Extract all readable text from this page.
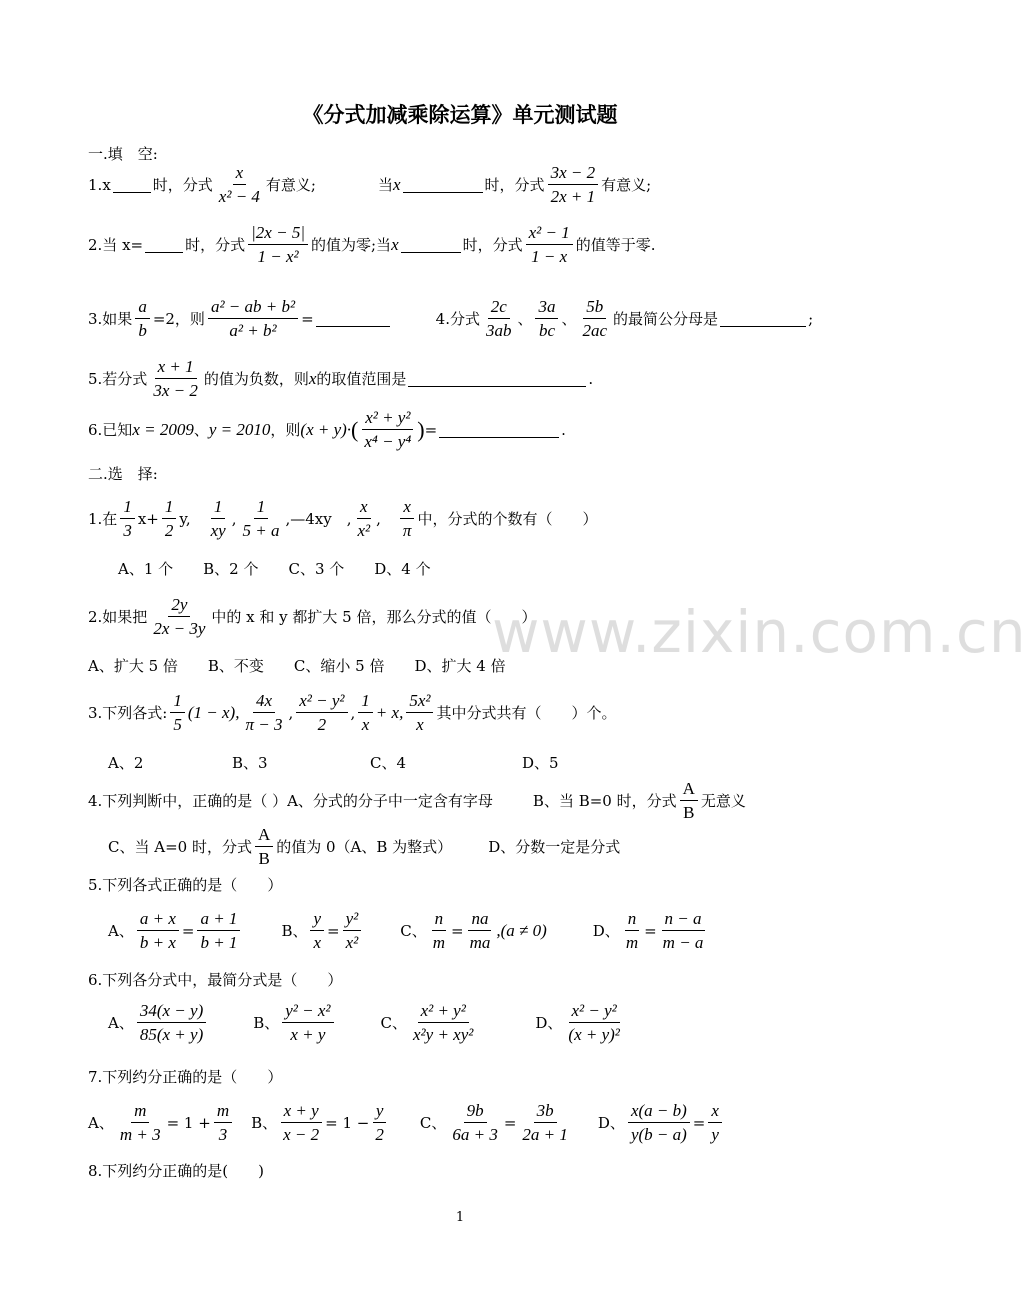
《分式加减乘除运算》单元测试题
一.填　空:
1. x	时，分式 $\frac{x}{\text{x² − 4}}$ 有意义;	当 x	时，分式 $\frac{3x - 2}{2x + 1}$ 有意义;
2.当 x=	时，分式 $\frac{|2x - 5|}{\text{1 − x²}}$ 的值为零;当 x	时，分式 $\frac{\text{x² − 1}}{1 - x}$ 的值等于零.
3.如果 $\frac{a}{b} =2$，则 $\frac{\text{a² − ab + b²}}{\text{a² + b²}}$ =	4.分式 $\frac{2c}{3ab}$ 、 $\frac{3a}{bc}$ 、 $\frac{5b}{2ac}$ 的最简公分母是	;
5.若分式 $\frac{x + 1}{3x - 2}$ 的值为负数，则 x 的取值范围是	.
6.已知 x = 2009 、 y = 2010 ，则 (x + y)· ( $\frac{\text{x² + y²}}{\text{x⁴ − y⁴}}$ ) =	.
二.选　择:
1.在 $\frac{1}{3} x+ \frac{1}{2} y$, $\frac{1}{xy}$ , $\frac{1}{5 + a}$ ,—4xy　, $\frac{x}{\text{x²}}$ , $\frac{x}{\pi}$ 中，分式的个数有（　　）
A、1 个　　B、2 个　　C、3 个　　D、4 个
2.如果把 $\frac{2y}{2x - 3y}$ 中的 x 和 y 都扩大 5 倍，那么分式的值（　　）
A、扩大 5 倍　　B、不变　　C、缩小 5 倍　　D、扩大 4 倍
3.下列各式: $\frac{1}{5} (1 - x)$, $\frac{4x}{\pi - 3}$ , $\frac{\text{x² − y²}}{2}$ , $\frac{1}{x} + x$, $\frac{\text{5x²}}{x}$ 其中分式共有（　　）个。
A、2	B、3	C、4	D、5
4.下列判断中，正确的是（ ）A、分式的分子中一定含有字母	B、当 B=0 时，分式 $\frac{A}{B}$ 无意义
C、当 A=0 时，分式 $\frac{A}{B}$ 的值为 0（A、B 为整式） D、分数一定是分式
5.下列各式正确的是（　　）
A、 $\frac{a + x}{b + x} = \frac{a + 1}{b + 1}$	B、 $\frac{y}{x} = \frac{\text{y²}}{\text{x²}}$	C、 $\frac{n}{m} = \frac{na}{ma} ,(a \ne 0)$	D、 $\frac{n}{m} = \frac{n - a}{m - a}$
6.下列各分式中，最简分式是（　　）
A、 $\frac{34(x - y)}{85(x + y)}$	B、 $\frac{\text{y² − x²}}{x + y}$	C、 $\frac{\text{x² + y²}}{\text{x²y + xy²}}$	D、 $\frac{\text{x² − y²}}{\text{(x + y)²}}$
7.下列约分正确的是（　　）
A、 $\frac{m}{m + 3} = 1 + \frac{m}{3}$ B、 $\frac{x + y}{x - 2} = 1 - \frac{y}{2}$ C、 $\frac{9b}{6a + 3} = \frac{3b}{2a + 1}$ D、 $\frac{x(a - b)}{y(b - a)} = \frac{x}{y}$
8.下列约分正确的是(　　)
www.zixin.com.cn
1
